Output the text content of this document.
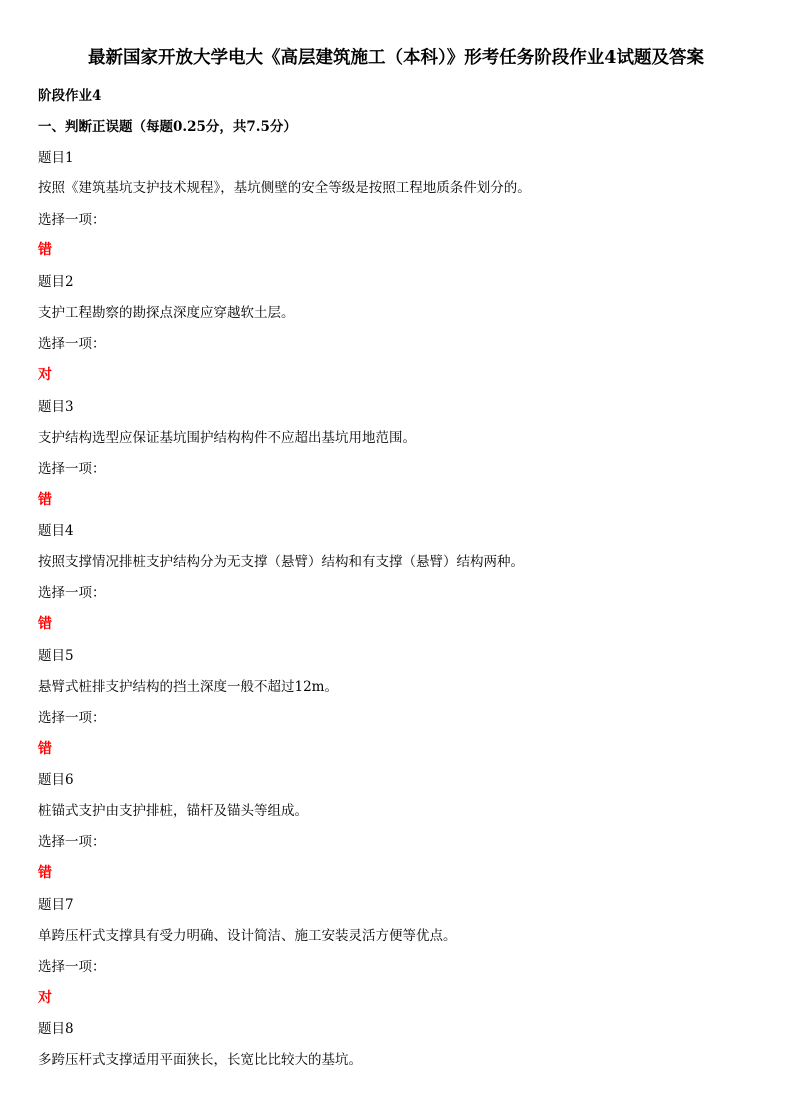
最新国家开放大学电大《高层建筑施工（本科）》形考任务阶段作业4试题及答案
阶段作业4
一、判断正误题（每题0.25分，共7.5分）
题目1
按照《建筑基坑支护技术规程》，基坑侧壁的安全等级是按照工程地质条件划分的。
选择一项：
错
题目2
支护工程勘察的勘探点深度应穿越软土层。
选择一项：
对
题目3
支护结构选型应保证基坑围护结构构件不应超出基坑用地范围。
选择一项：
错
题目4
按照支撑情况排桩支护结构分为无支撑（悬臂）结构和有支撑（悬臂）结构两种。
选择一项：
错
题目5
悬臂式桩排支护结构的挡土深度一般不超过12m。
选择一项：
错
题目6
桩锚式支护由支护排桩，锚杆及锚头等组成。
选择一项：
错
题目7
单跨压杆式支撑具有受力明确、设计简洁、施工安装灵活方便等优点。
选择一项：
对
题目8
多跨压杆式支撑适用平面狭长，长宽比比较大的基坑。
